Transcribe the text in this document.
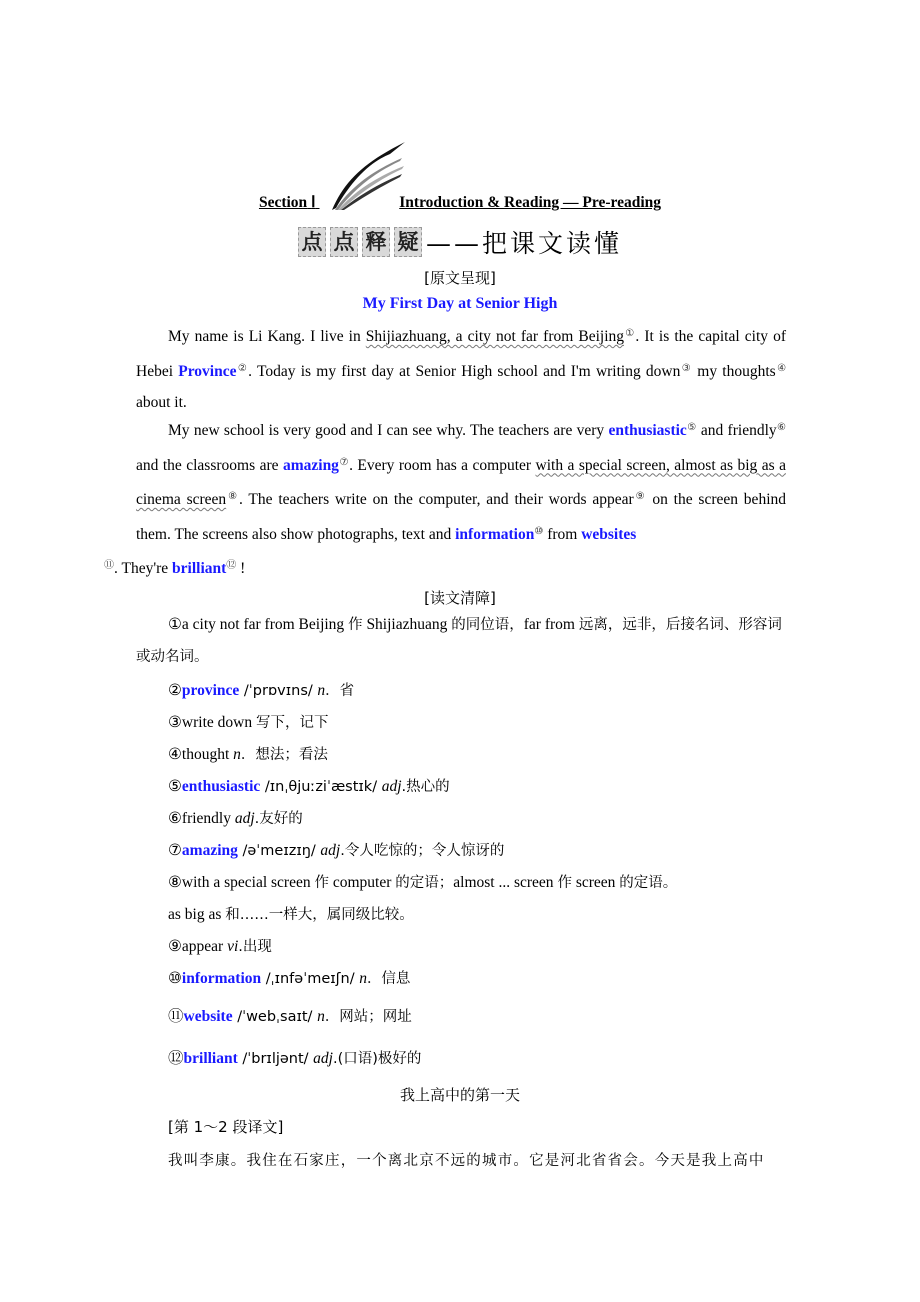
Section Ⅰ	Introduction & Reading — Pre-reading
点 点 释 疑 ——把课文读懂
[原文呈现]
My First Day at Senior High
My name is Li Kang. I live in Shijiazhuang, a city not far from Beijing①. It is the capital city of Hebei Province②. Today is my first day at Senior High school and I'm writing down③ my thoughts④ about it.
My new school is very good and I can see why. The teachers are very enthusiastic⑤ and friendly⑥ and the classrooms are amazing⑦. Every room has a computer with a special screen, almost as big as a cinema screen⑧. The teachers write on the computer, and their words appear⑨ on the screen behind them. The screens also show photographs, text and information⑩ from websites
⑪. They're brilliant⑫ !
[读文清障]
①a city not far from Beijing 作 Shijiazhuang 的同位语，far from 远离，远非，后接名词、形容词或动名词。
②province /ˈprɒvɪns/ n．省
③write down 写下，记下
④thought n．想法；看法
⑤enthusiastic /ɪnˌθjuːziˈæstɪk/ adj.热心的
⑥friendly adj.友好的
⑦amazing /əˈmeɪzɪŋ/ adj.令人吃惊的；令人惊讶的
⑧with a special screen 作 computer 的定语；almost ... screen 作 screen 的定语。
as big as 和……一样大，属同级比较。
⑨appear vi.出现
⑩information /ˌɪnfəˈmeɪʃn/ n．信息
⑪website /ˈwebˌsaɪt/ n．网站；网址
⑫brilliant /ˈbrɪljənt/ adj.(口语)极好的
我上高中的第一天
[第 1～2 段译文]
我叫李康。我住在石家庄，一个离北京不远的城市。它是河北省省会。今天是我上高中
